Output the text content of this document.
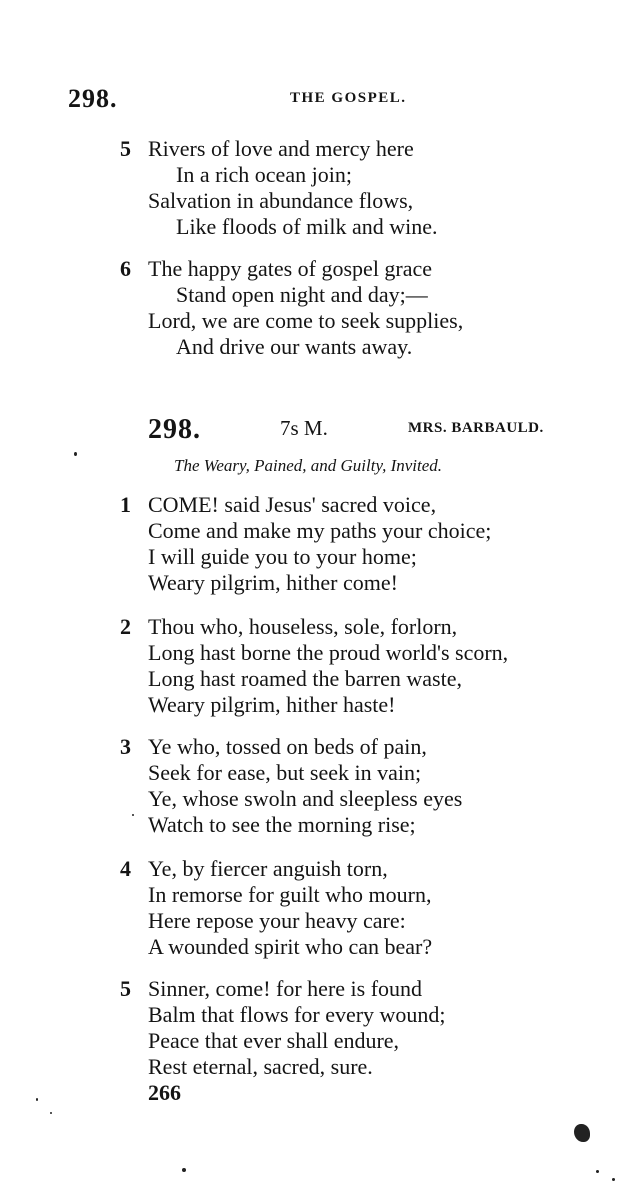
298.	THE GOSPEL.
5 Rivers of love and mercy here
In a rich ocean join;
Salvation in abundance flows,
Like floods of milk and wine.
6 The happy gates of gospel grace
Stand open night and day;—
Lord, we are come to seek supplies,
And drive our wants away.
298.	7s M.	MRS. BARBAULD.
The Weary, Pained, and Guilty, Invited.
1 COME! said Jesus' sacred voice,
Come and make my paths your choice;
I will guide you to your home;
Weary pilgrim, hither come!
2 Thou who, houseless, sole, forlorn,
Long hast borne the proud world's scorn,
Long hast roamed the barren waste,
Weary pilgrim, hither haste!
3 Ye who, tossed on beds of pain,
Seek for ease, but seek in vain;
Ye, whose swoln and sleepless eyes
Watch to see the morning rise;
4 Ye, by fiercer anguish torn,
In remorse for guilt who mourn,
Here repose your heavy care:
A wounded spirit who can bear?
5 Sinner, come! for here is found
Balm that flows for every wound;
Peace that ever shall endure,
Rest eternal, sacred, sure.
266
